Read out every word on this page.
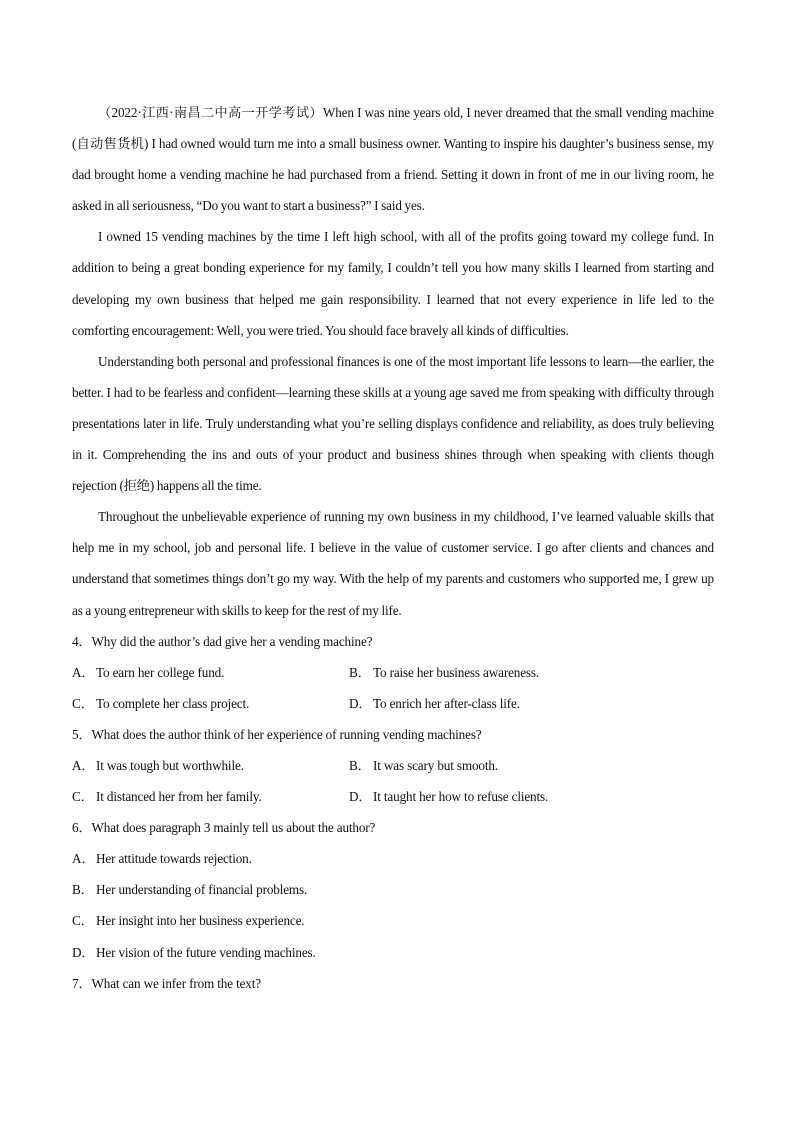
（2022·江西·南昌二中高一开学考试）When I was nine years old, I never dreamed that the small vending machine (自动售货机) I had owned would turn me into a small business owner. Wanting to inspire his daughter’s business sense, my dad brought home a vending machine he had purchased from a friend. Setting it down in front of me in our living room, he asked in all seriousness, “Do you want to start a business?” I said yes.

I owned 15 vending machines by the time I left high school, with all of the profits going toward my college fund. In addition to being a great bonding experience for my family, I couldn’t tell you how many skills I learned from starting and developing my own business that helped me gain responsibility. I learned that not every experience in life led to the comforting encouragement: Well, you were tried. You should face bravely all kinds of difficulties.

Understanding both personal and professional finances is one of the most important life lessons to learn—the earlier, the better. I had to be fearless and confident—learning these skills at a young age saved me from speaking with difficulty through presentations later in life. Truly understanding what you’re selling displays confidence and reliability, as does truly believing in it. Comprehending the ins and outs of your product and business shines through when speaking with clients though rejection (拒绝) happens all the time.

Throughout the unbelievable experience of running my own business in my childhood, I’ve learned valuable skills that help me in my school, job and personal life. I believe in the value of customer service. I go after clients and chances and understand that sometimes things don’t go my way. With the help of my parents and customers who supported me, I grew up as a young entrepreneur with skills to keep for the rest of my life.

4．Why did the author’s dad give her a vending machine?
A． To earn her college fund.	B． To raise her business awareness.
C． To complete her class project.	D． To enrich her after-class life.
5．What does the author think of her experience of running vending machines?
A． It was tough but worthwhile.	B． It was scary but smooth.
C． It distanced her from her family.	D． It taught her how to refuse clients.
6．What does paragraph 3 mainly tell us about the author?
A． Her attitude towards rejection.
B． Her understanding of financial problems.
C． Her insight into her business experience.
D． Her vision of the future vending machines.
7．What can we infer from the text?
